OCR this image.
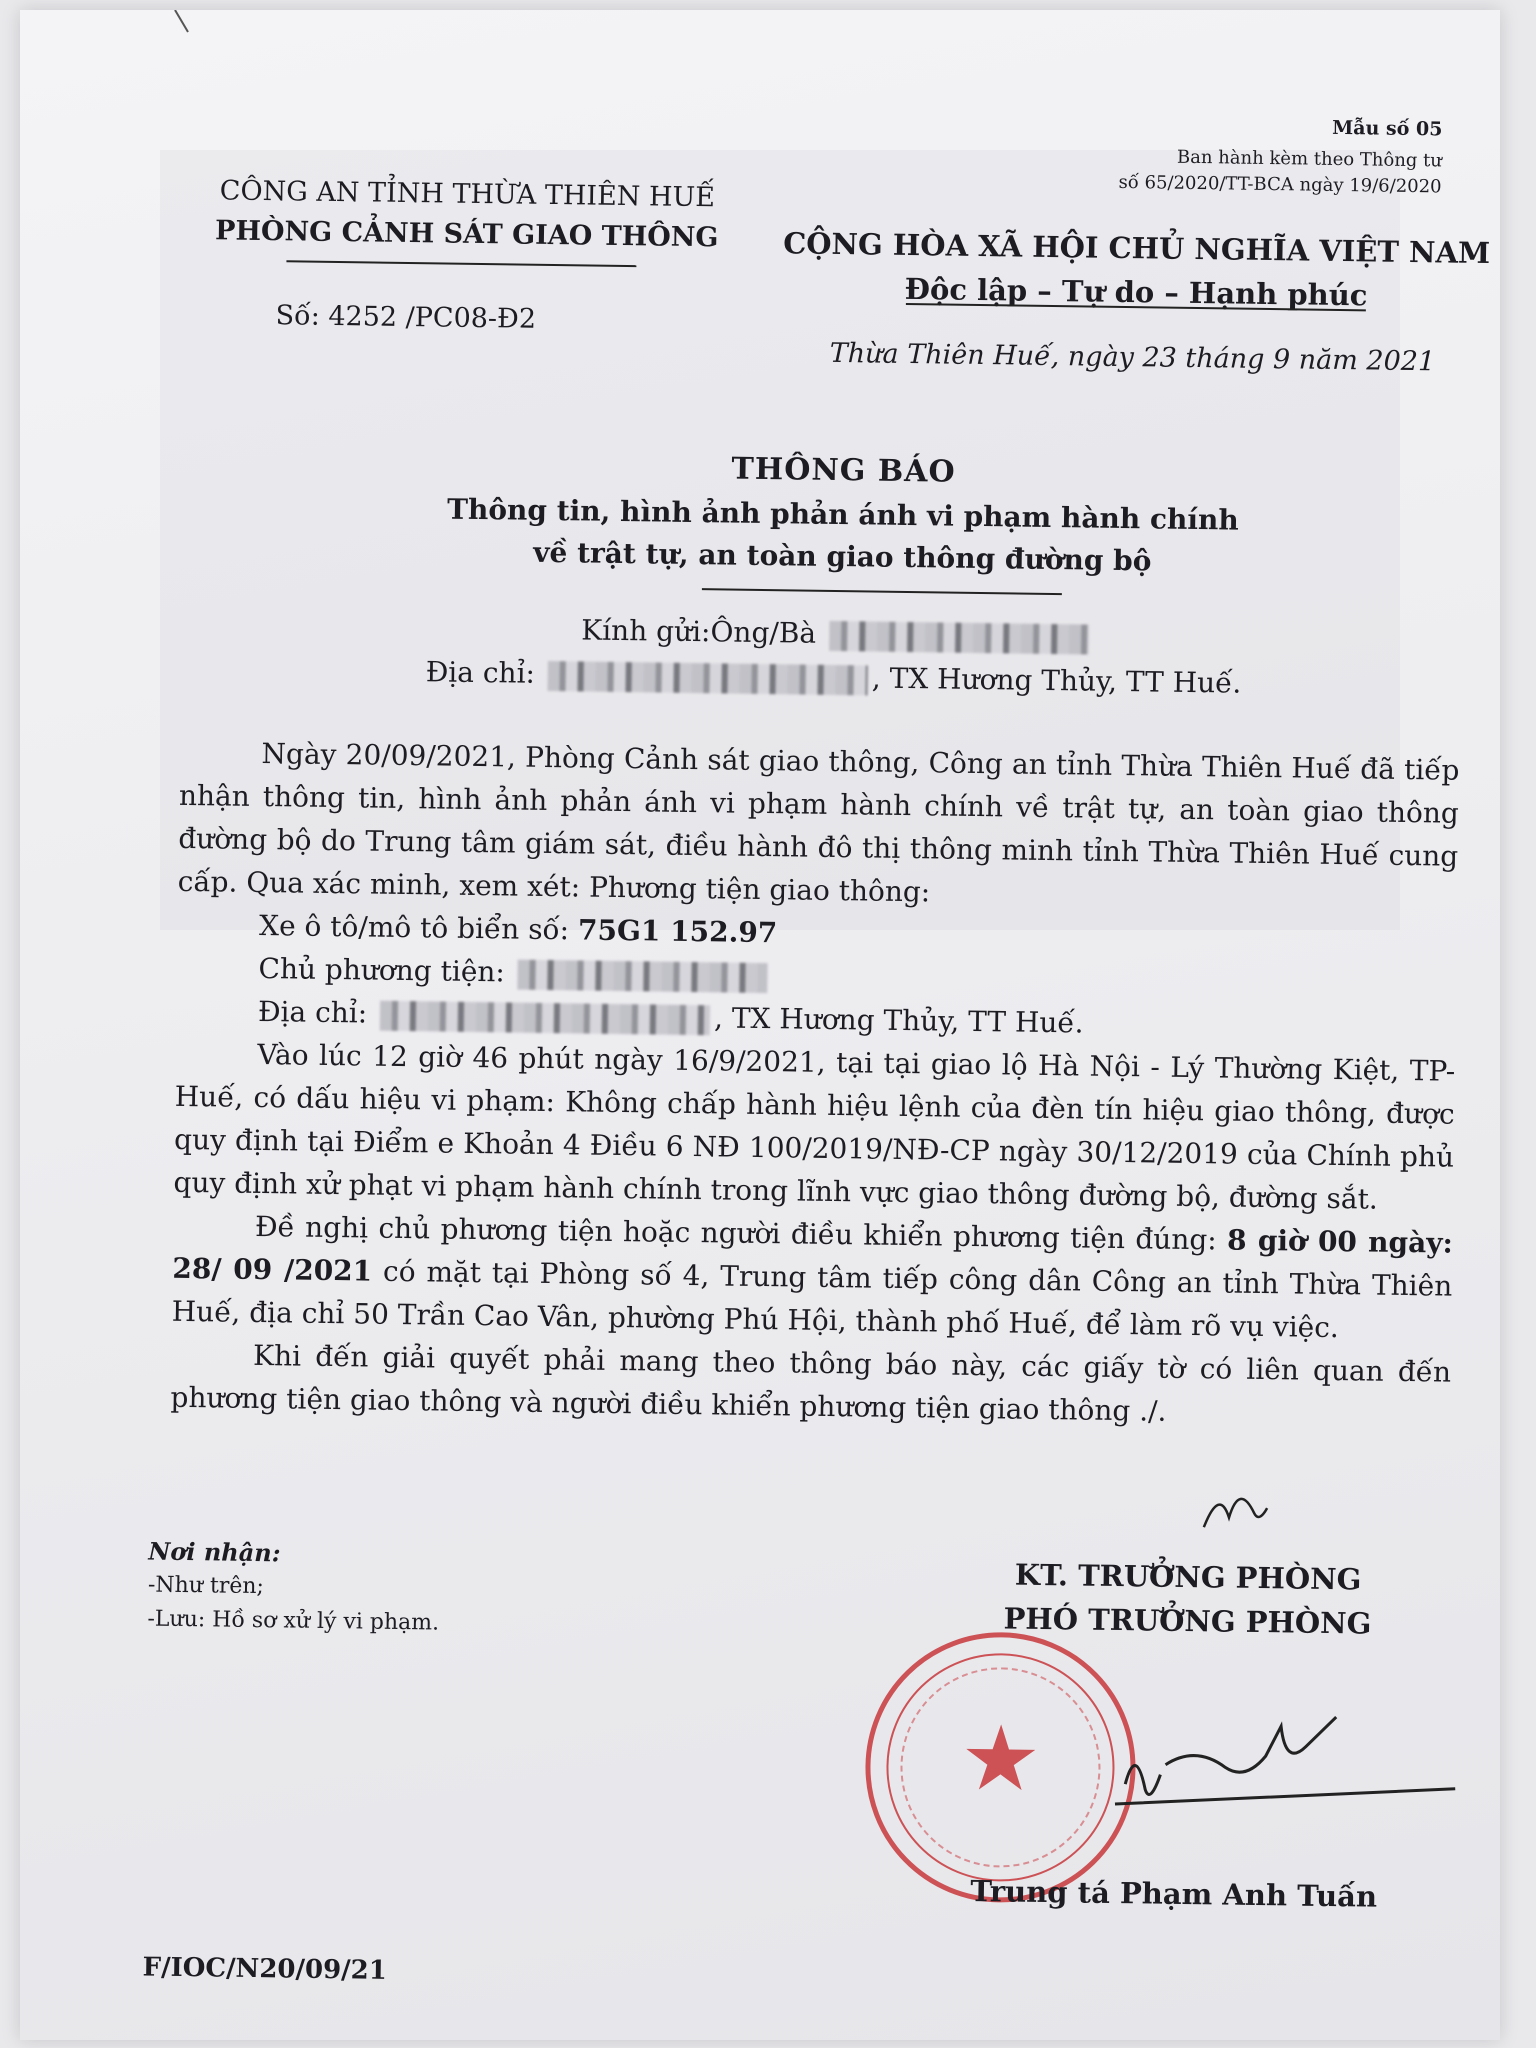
Mẫu số 05
Ban hành kèm theo Thông tư
số 65/2020/TT-BCA ngày 19/6/2020
CÔNG AN TỈNH THỪA THIÊN HUẾ
PHÒNG CẢNH SÁT GIAO THÔNG	CỘNG HÒA XÃ HỘI CHỦ NGHĨA VIỆT NAM
Độc lập – Tự do – Hạnh phúc
Số: 4252 /PC08-Đ2
Thừa Thiên Huế, ngày 23 tháng 9 năm 2021
THÔNG BÁO
Thông tin, hình ảnh phản ánh vi phạm hành chính
về trật tự, an toàn giao thông đường bộ
Kính gửi:Ông/Bà
Địa chỉ:	, TX Hương Thủy, TT Huế.

Ngày 20/09/2021, Phòng Cảnh sát giao thông, Công an tỉnh Thừa Thiên Huế đã tiếp nhận thông tin, hình ảnh phản ánh vi phạm hành chính về trật tự, an toàn giao thông đường bộ do Trung tâm giám sát, điều hành đô thị thông minh tỉnh Thừa Thiên Huế cung cấp. Qua xác minh, xem xét: Phương tiện giao thông:

Xe ô tô/mô tô biển số: 75G1 152.97

Chủ phương tiện:

Địa chỉ:	, TX Hương Thủy, TT Huế.

Vào lúc 12 giờ 46 phút ngày 16/9/2021, tại tại giao lộ Hà Nội - Lý Thường Kiệt, TP-Huế, có dấu hiệu vi phạm: Không chấp hành hiệu lệnh của đèn tín hiệu giao thông, được quy định tại Điểm e Khoản 4 Điều 6 NĐ 100/2019/NĐ-CP ngày 30/12/2019 của Chính phủ quy định xử phạt vi phạm hành chính trong lĩnh vực giao thông đường bộ, đường sắt.

Đề nghị chủ phương tiện hoặc người điều khiển phương tiện đúng: 8 giờ 00 ngày: 28/ 09 /2021 có mặt tại Phòng số 4, Trung tâm tiếp công dân Công an tỉnh Thừa Thiên Huế, địa chỉ 50 Trần Cao Vân, phường Phú Hội, thành phố Huế, để làm rõ vụ việc.

Khi đến giải quyết phải mang theo thông báo này, các giấy tờ có liên quan đến phương tiện giao thông và người điều khiển phương tiện giao thông ./.

Nơi nhận:
-Như trên;
-Lưu: Hồ sơ xử lý vi phạm.
KT. TRƯỞNG PHÒNG
PHÓ TRƯỞNG PHÒNG
★
Trung tá Phạm Anh Tuấn
F/IOC/N20/09/21
